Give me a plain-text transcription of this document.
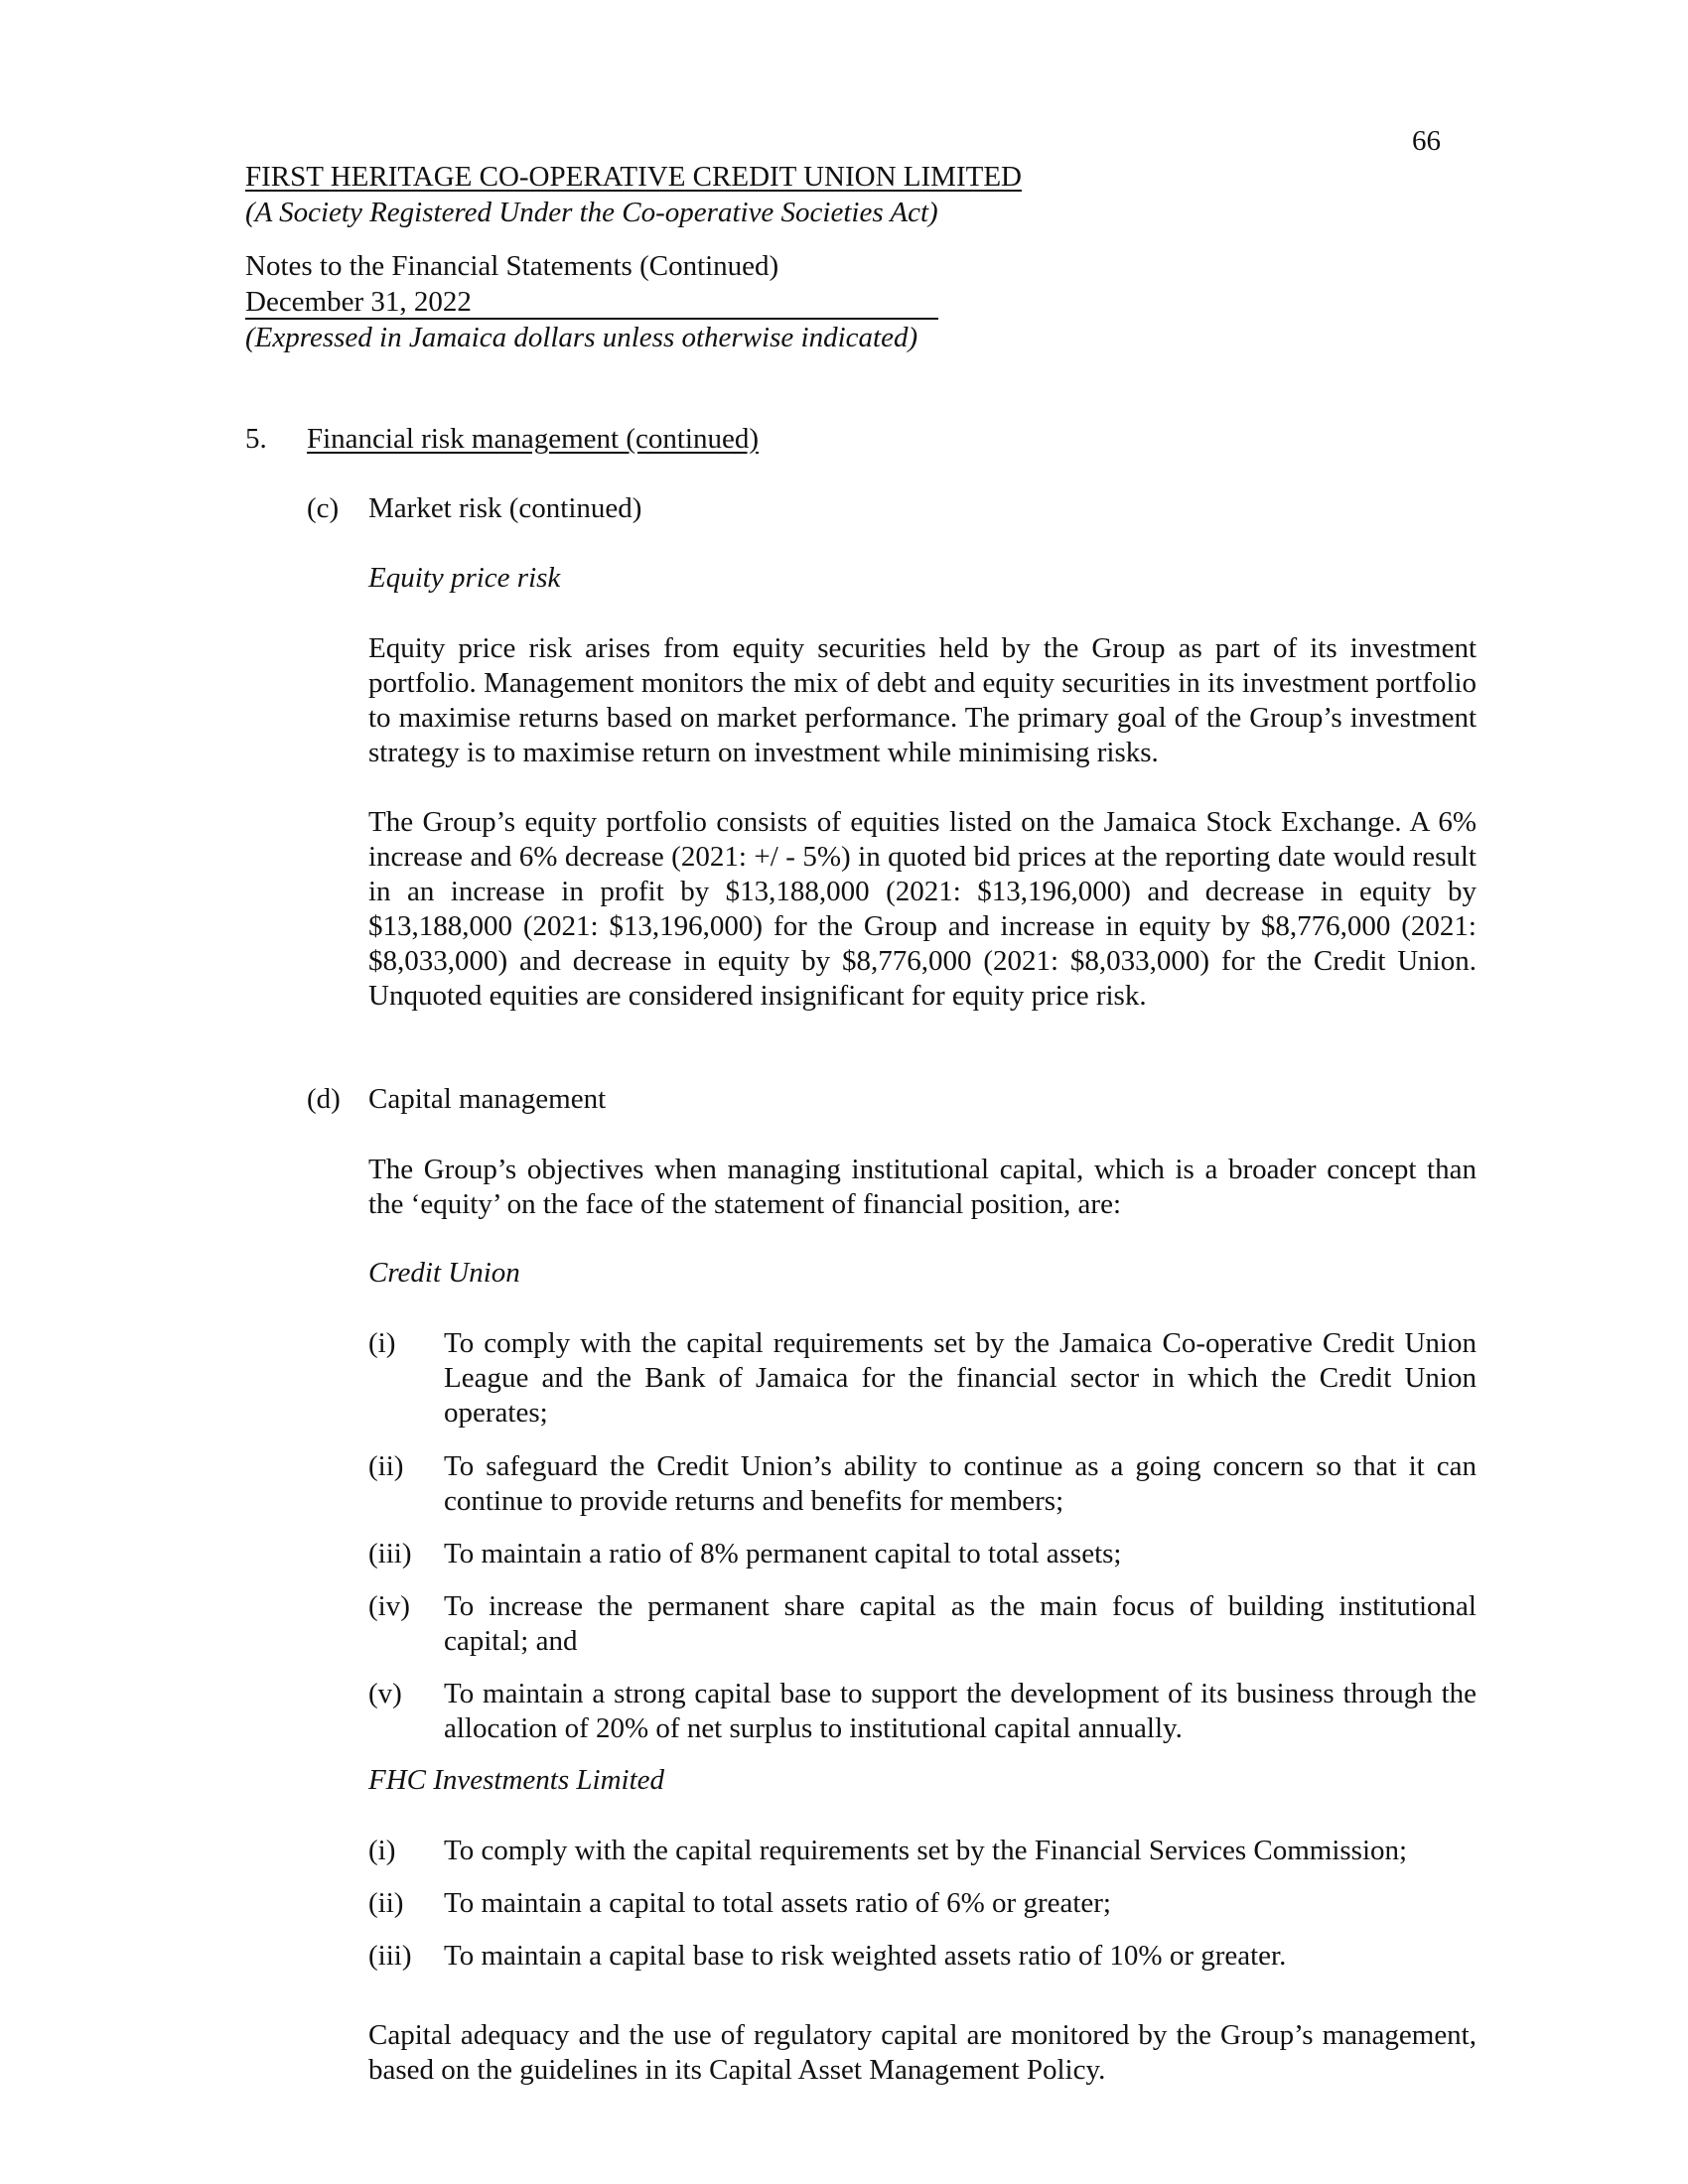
66
FIRST HERITAGE CO-OPERATIVE CREDIT UNION LIMITED
(A Society Registered Under the Co-operative Societies Act)
Notes to the Financial Statements (Continued)
December 31, 2022
(Expressed in Jamaica dollars unless otherwise indicated)
5. Financial risk management (continued)
(c) Market risk (continued)
Equity price risk

Equity price risk arises from equity securities held by the Group as part of its investment portfolio. Management monitors the mix of debt and equity securities in its investment portfolio to maximise returns based on market performance. The primary goal of the Group’s investment strategy is to maximise return on investment while minimising risks.

The Group’s equity portfolio consists of equities listed on the Jamaica Stock Exchange. A 6% increase and 6% decrease (2021: +/ - 5%) in quoted bid prices at the reporting date would result in an increase in profit by $13,188,000 (2021: $13,196,000) and decrease in equity by $13,188,000 (2021: $13,196,000) for the Group and increase in equity by $8,776,000 (2021: $8,033,000) and decrease in equity by $8,776,000 (2021: $8,033,000) for the Credit Union. Unquoted equities are considered insignificant for equity price risk.

(d) Capital management

The Group’s objectives when managing institutional capital, which is a broader concept than the ‘equity’ on the face of the statement of financial position, are:

Credit Union
(i)	To comply with the capital requirements set by the Jamaica Co-operative Credit Union League and the Bank of Jamaica for the financial sector in which the Credit Union operates;
(ii)	To safeguard the Credit Union’s ability to continue as a going concern so that it can continue to provide returns and benefits for members;
(iii)	To maintain a ratio of 8% permanent capital to total assets;
(iv)	To increase the permanent share capital as the main focus of building institutional capital; and
(v)	To maintain a strong capital base to support the development of its business through the allocation of 20% of net surplus to institutional capital annually.
FHC Investments Limited
(i)	To comply with the capital requirements set by the Financial Services Commission;
(ii)	To maintain a capital to total assets ratio of 6% or greater;
(iii)	To maintain a capital base to risk weighted assets ratio of 10% or greater.

Capital adequacy and the use of regulatory capital are monitored by the Group’s management, based on the guidelines in its Capital Asset Management Policy.
